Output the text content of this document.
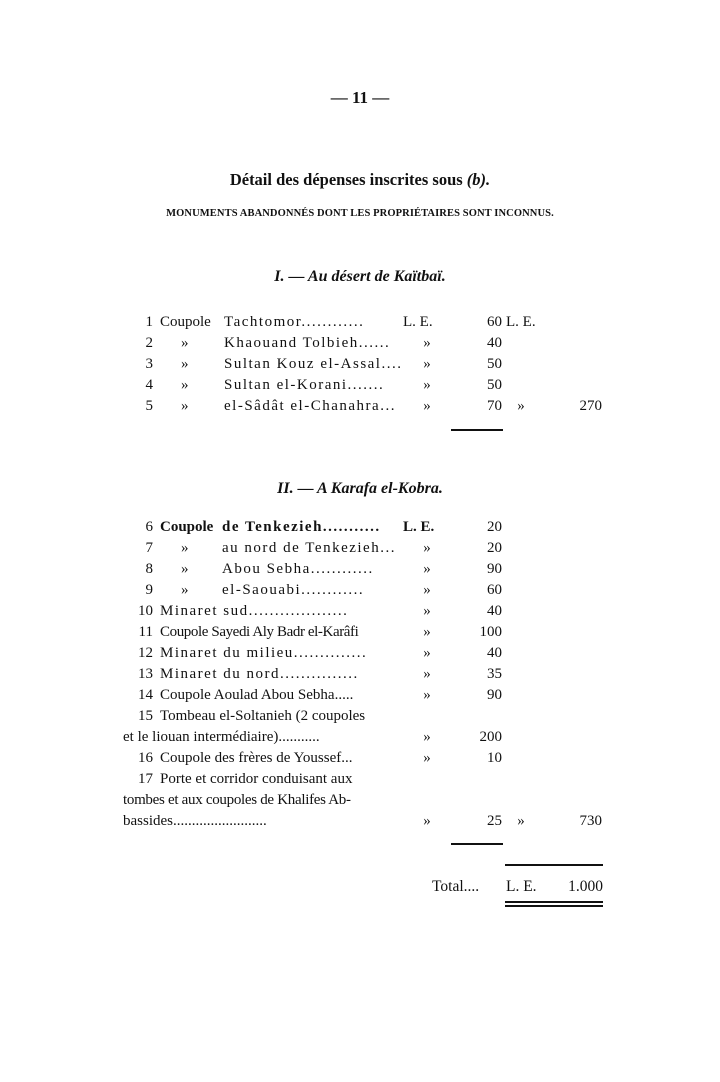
— 11 —
Détail des dépenses inscrites sous (b).
MONUMENTS ABANDONNÉS DONT LES PROPRIÉTAIRES SONT INCONNUS.
I. — Au désert de Kaïtbaï.
1 Coupole Tachtomor............	L. E.	60 L. E.
2 » Khaouand Tolbieh......	»	40
3 » Sultan Kouz el-Assal....	»	50
4 » Sultan el-Korani.......	»	50
5 » el-Sâdât el-Chanahra...	»	70	»	270
II. — A Karafa el-Kobra.
6 Coupole de Tenkezieh........... L. E.	20
7 » au nord de Tenkezieh...	»	20
8 » Abou Sebha............	»	90
9 » el-Saouabi............	»	60
10 Minaret sud...................	»	40
11 Coupole Sayedi Aly Badr el-Karâfi	»	100
12 Minaret du milieu..............	»	40
13 Minaret du nord...............	»	35
14 Coupole Aoulad Abou Sebha.....	»	90
15 Tombeau el-Soltanieh (2 coupoles
et le liouan intermédiaire)...........	»	200
16 Coupole des frères de Youssef...	»	10
17 Porte et corridor conduisant aux
tombes et aux coupoles de Khalifes Ab-
bassides.........................	»	25	»	730
Total.... L. E.	1.000
